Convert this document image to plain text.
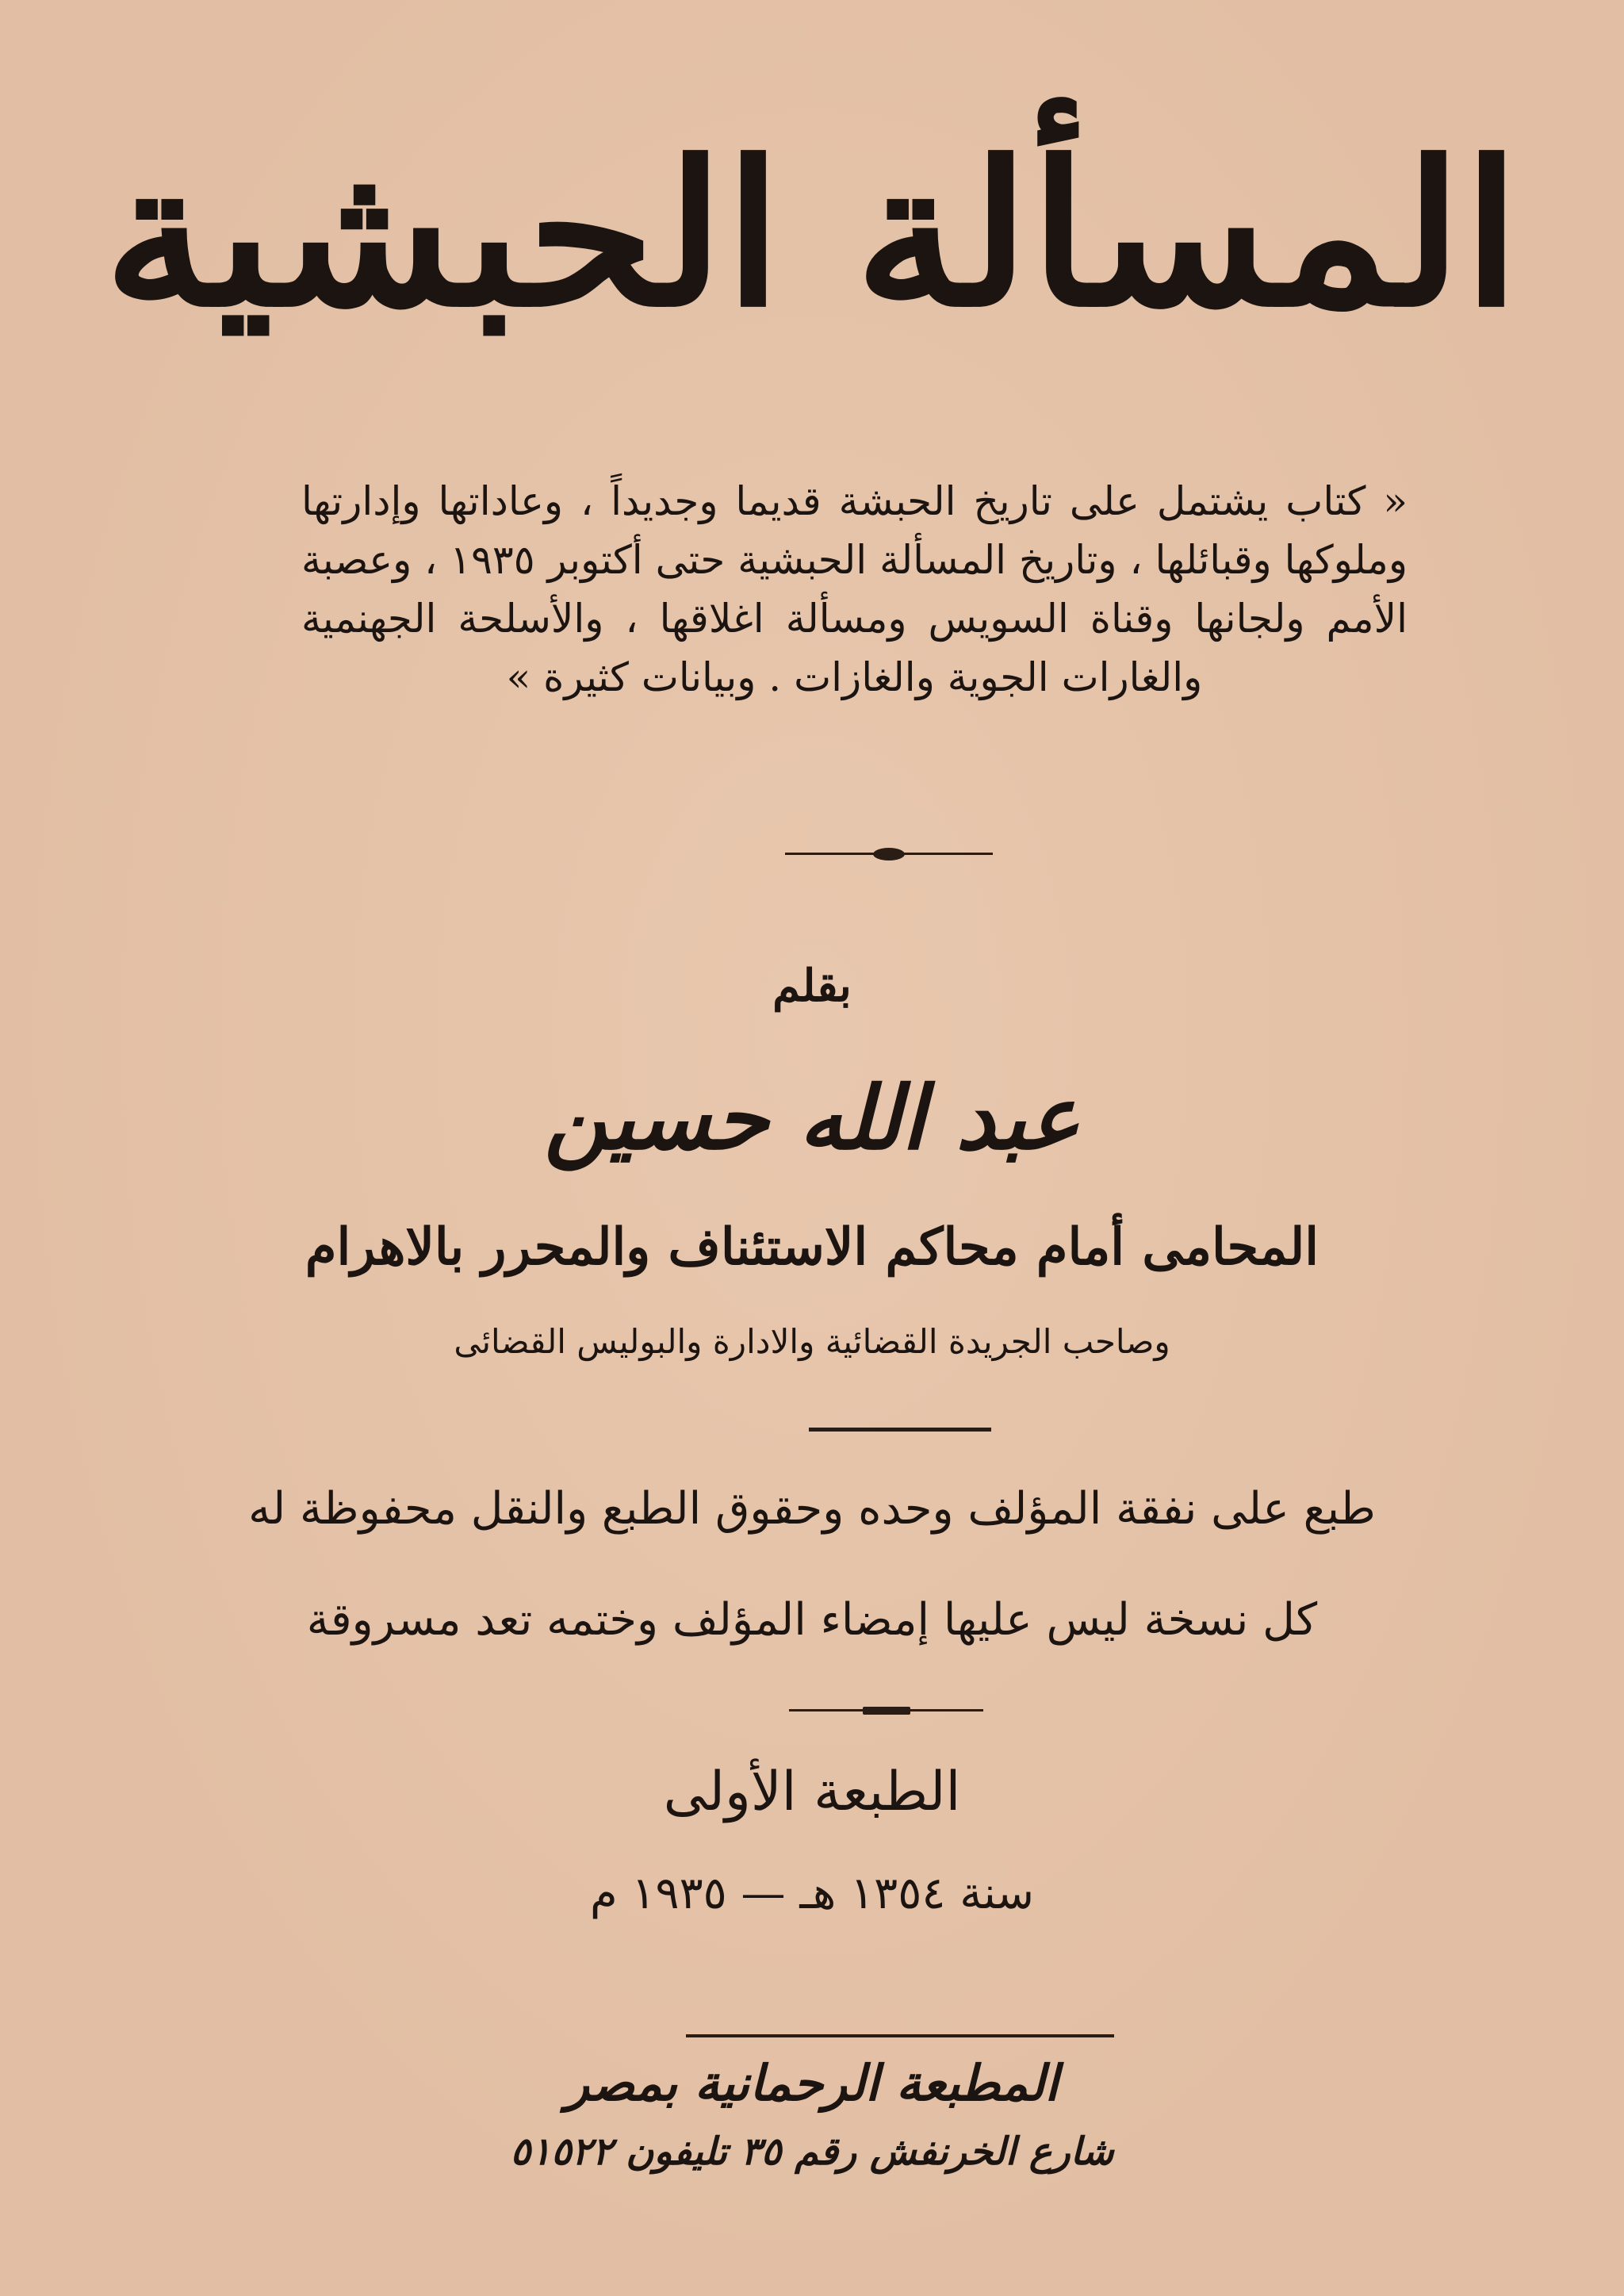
المسألة الحبشية
« كتاب يشتمل على تاريخ الحبشة قديما وجديداً ، وعاداتها وإدارتها وملوكها وقبائلها ، وتاريخ المسألة الحبشية حتى أكتوبر ١٩٣٥ ، وعصبة الأمم ولجانها وقناة السويس ومسألة اغلاقها ، والأسلحة الجهنمية والغارات الجوية والغازات . وبيانات كثيرة »
بقلم
عبد الله حسين
المحامى أمام محاكم الاستئناف والمحرر بالاهرام
وصاحب الجريدة القضائية والادارة والبوليس القضائى
طبع على نفقة المؤلف وحده وحقوق الطبع والنقل محفوظة له
كل نسخة ليس عليها إمضاء المؤلف وختمه تعد مسروقة
الطبعة الأولى
سنة ١٣٥٤ هـ — ١٩٣٥ م
المطبعة الرحمانية بمصر
شارع الخرنفش رقم ٣٥ تليفون ٥١٥٢٢
